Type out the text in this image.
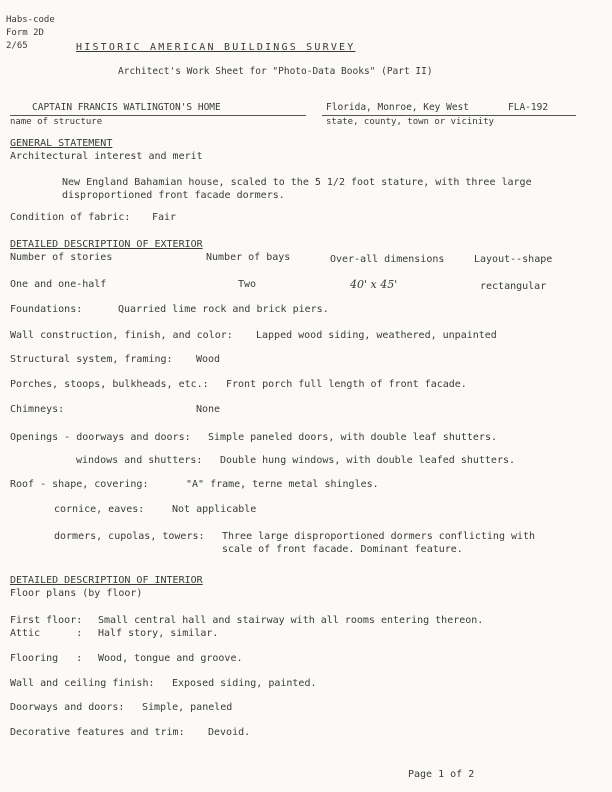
Habs-code
Form 2D
2/65	HISTORIC AMERICAN BUILDINGS SURVEY
Architect's Work Sheet for "Photo-Data Books" (Part II)
CAPTAIN FRANCIS WATLINGTON'S HOME	Florida, Monroe, Key West	FLA-192
name of structure	state, county, town or vicinity
GENERAL STATEMENT
Architectural interest and merit
New England Bahamian house, scaled to the 5 1/2 foot stature, with three large
disproportioned front facade dormers.
Condition of fabric: Fair
DETAILED DESCRIPTION OF EXTERIOR
Number of stories	Number of bays	Over-all dimensions	Layout--shape
One and one-half	Two	40' x 45'	rectangular
Foundations:	Quarried lime rock and brick piers.
Wall construction, finish, and color: Lapped wood siding, weathered, unpainted
Structural system, framing: Wood
Porches, stoops, bulkheads, etc.: Front porch full length of front facade.
Chimneys:	None
Openings - doorways and doors: Simple paneled doors, with double leaf shutters.
windows and shutters: Double hung windows, with double leafed shutters.
Roof - shape, covering:	"A" frame, terne metal shingles.
cornice, eaves:	Not applicable
dormers, cupolas, towers: Three large disproportioned dormers conflicting with
scale of front facade. Dominant feature.
DETAILED DESCRIPTION OF INTERIOR
Floor plans (by floor)
First floor: Small central hall and stairway with all rooms entering thereon.
Attic      : Half story, similar.
Flooring   : Wood, tongue and groove.
Wall and ceiling finish: Exposed siding, painted.
Doorways and doors: Simple, paneled
Decorative features and trim: Devoid.
Page 1 of 2
